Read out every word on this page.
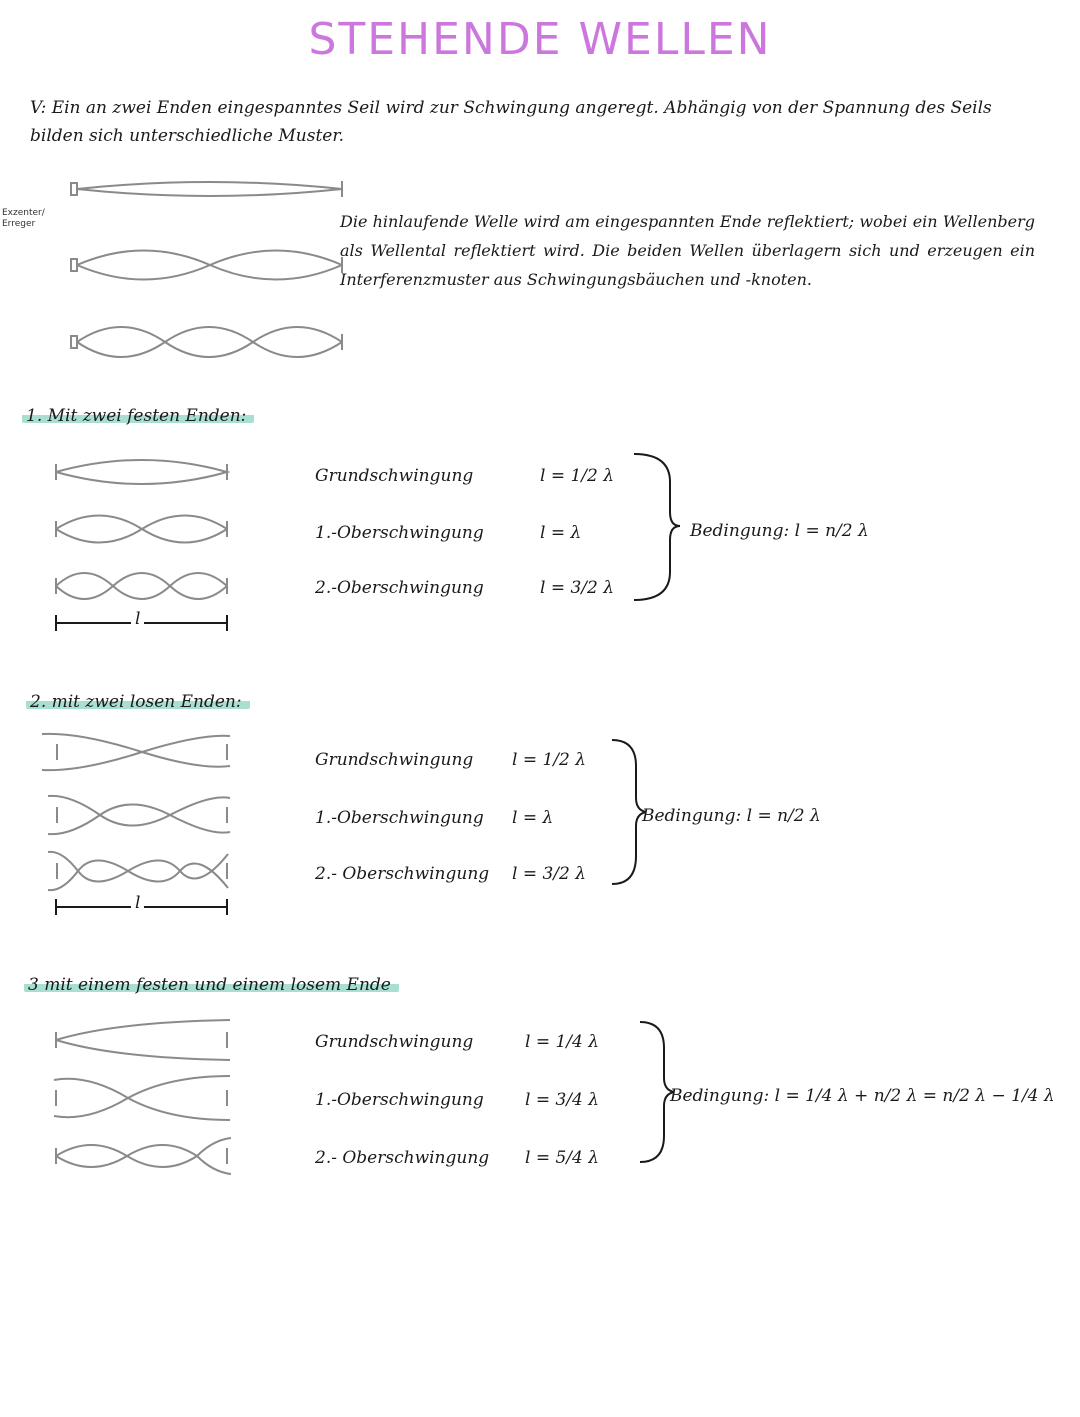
STEHENDE WELLEN
V: Ein an zwei Enden eingespanntes Seil wird zur Schwingung angeregt. Abhängig von der Spannung des Seils bilden sich unterschiedliche Muster.
Exzenter/ Erreger	Die hinlaufende Welle wird am eingespannten Ende reflektiert; wobei ein Wellenberg als Wellental reflektiert wird. Die beiden Wellen überlagern sich und erzeugen ein Interferenzmuster aus Schwingungsbäuchen und -knoten.
1. Mit zwei festen Enden:
l
Grundschwingung
1.-Oberschwingung
2.-Oberschwingung
l = 1/2 λ
l = λ
l = 3/2 λ
Bedingung: l = n/2 λ
2. mit zwei losen Enden:
l
Grundschwingung
1.-Oberschwingung
2.- Oberschwingung
l = 1/2 λ
l = λ
l = 3/2 λ
Bedingung: l = n/2 λ
3 mit einem festen und einem losem Ende
Grundschwingung
1.-Oberschwingung
2.- Oberschwingung
l = 1/4 λ
l = 3/4 λ
l = 5/4 λ
Bedingung: l = 1/4 λ + n/2 λ = n/2 λ − 1/4 λ
